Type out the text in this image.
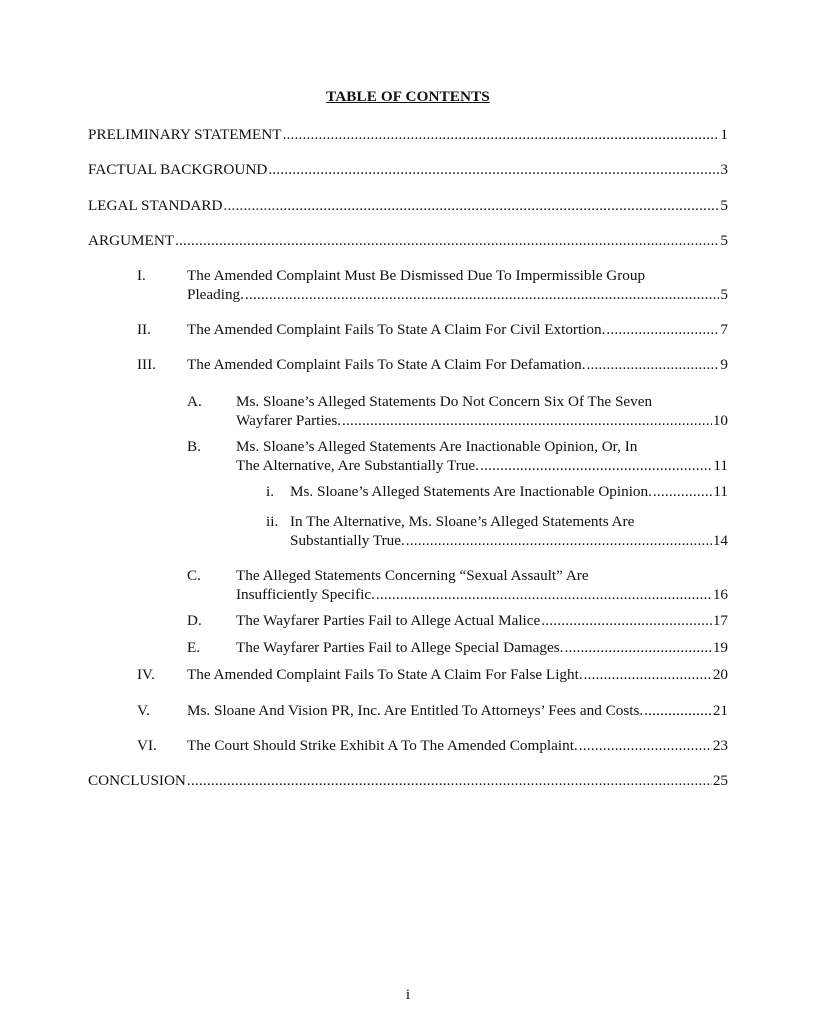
TABLE OF CONTENTS
PRELIMINARY STATEMENT .....	1
FACTUAL BACKGROUND .....	3
LEGAL STANDARD .....	5
ARGUMENT .....	5
I.	The Amended Complaint Must Be Dismissed Due To Impermissible Group
Pleading. .....	5
II. The Amended Complaint Fails To State A Claim For Civil Extortion. .....	7
III. The Amended Complaint Fails To State A Claim For Defamation. .....	9
A. Ms. Sloane’s Alleged Statements Do Not Concern Six Of The Seven
Wayfarer Parties. .....	10
B. Ms. Sloane’s Alleged Statements Are Inactionable Opinion, Or, In
The Alternative, Are Substantially True. .....	11
i. Ms. Sloane’s Alleged Statements Are Inactionable Opinion. .....	11
ii. In The Alternative, Ms. Sloane’s Alleged Statements Are
Substantially True. .....	14
C. The Alleged Statements Concerning “Sexual Assault” Are
Insufficiently Specific. .....	16
D. The Wayfarer Parties Fail to Allege Actual Malice .....	17
E. The Wayfarer Parties Fail to Allege Special Damages. .....	19
IV. The Amended Complaint Fails To State A Claim For False Light. .....	20
V. Ms. Sloane And Vision PR, Inc. Are Entitled To Attorneys’ Fees and Costs. .....	21
VI. The Court Should Strike Exhibit A To The Amended Complaint. .....	23
CONCLUSION .....	25
i
